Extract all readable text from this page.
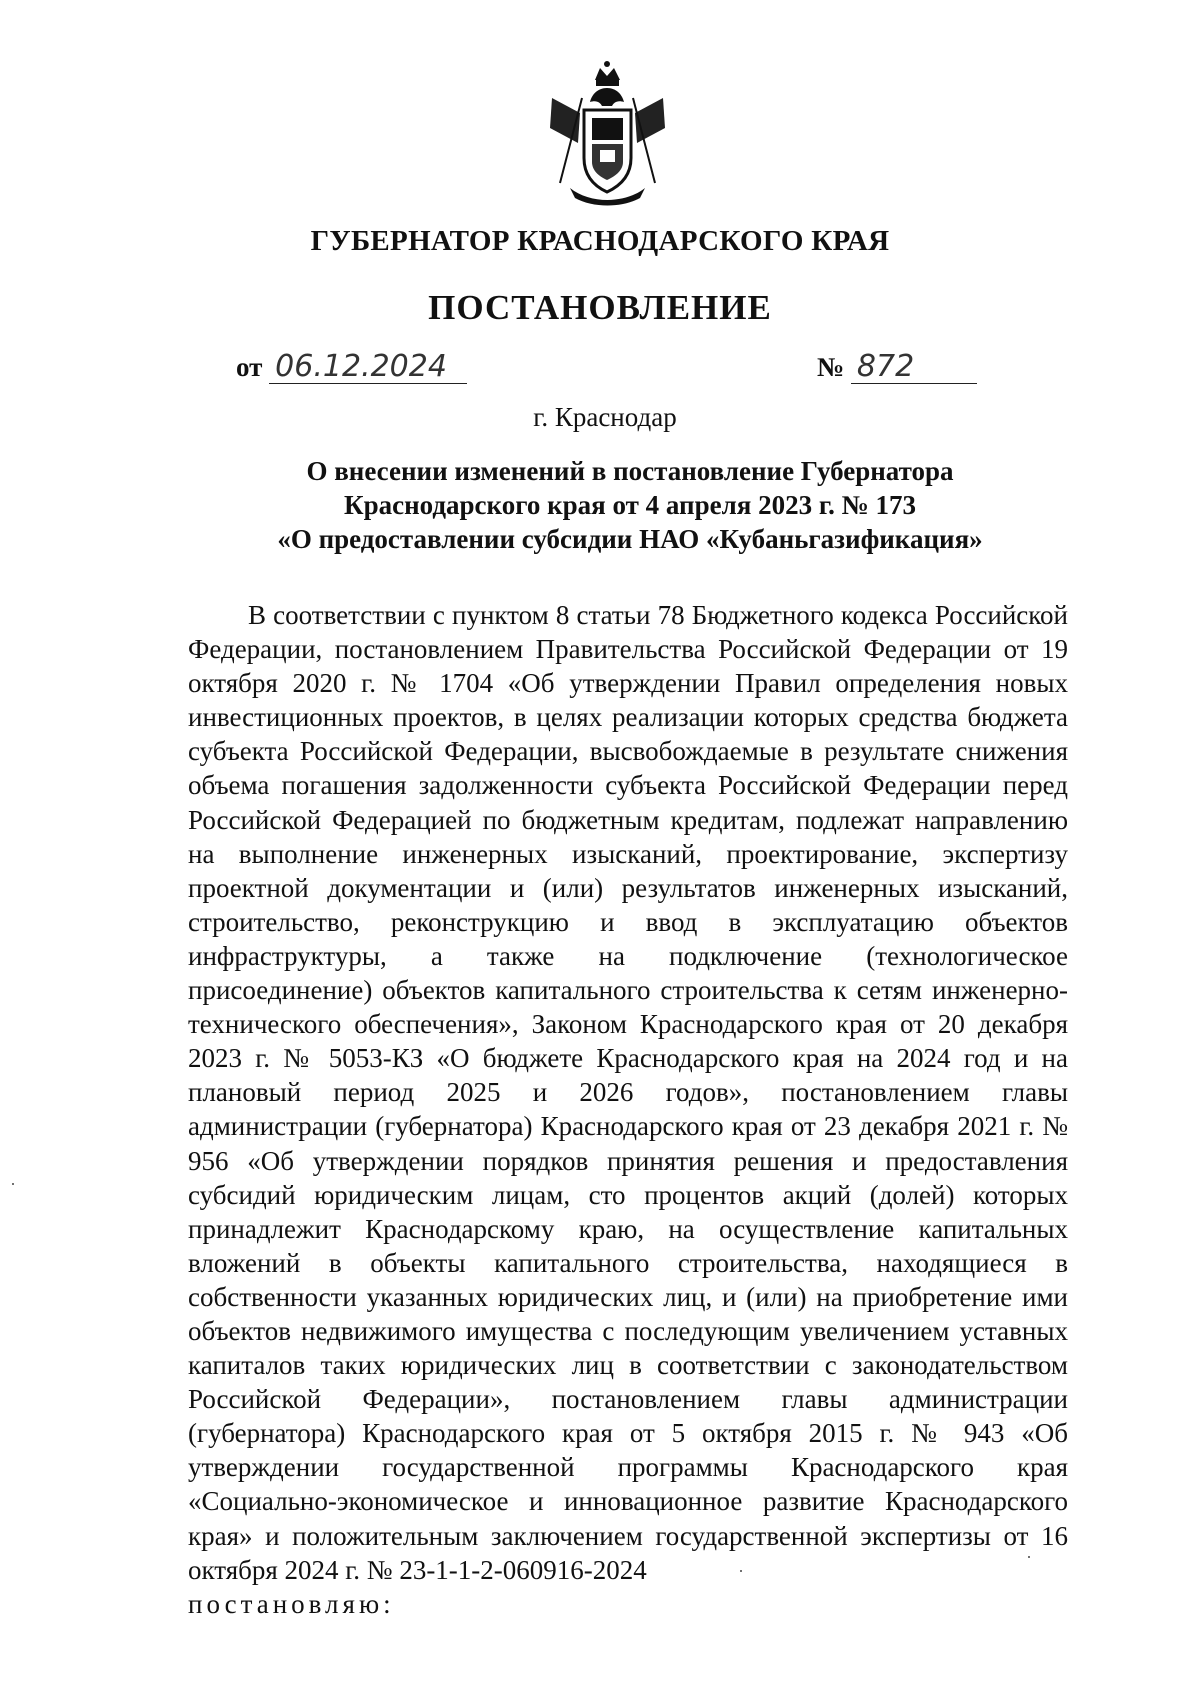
ГУБЕРНАТОР КРАСНОДАРСКОГО КРАЯ
ПОСТАНОВЛЕНИЕ
от 06.12.2024	№ 872
г. Краснодар
О внесении изменений в постановление Губернатора
Краснодарского края от 4 апреля 2023 г. № 173
«О предоставлении субсидии НАО «Кубаньгазификация»

В соответствии с пунктом 8 статьи 78 Бюджетного кодекса Российской Федерации, постановлением Правительства Российской Федерации от 19 октября 2020 г. № 1704 «Об утверждении Правил определения новых инвестиционных проектов, в целях реализации которых средства бюджета субъекта Российской Федерации, высвобождаемые в результате снижения объема погашения задолженности субъекта Российской Федерации перед Российской Федерацией по бюджетным кредитам, подлежат направлению на выполнение инженерных изысканий, проектирование, экспертизу проектной документации и (или) результатов инженерных изысканий, строительство, реконструкцию и ввод в эксплуатацию объектов инфраструктуры, а также на подключение (технологическое присоединение) объектов капитального строительства к сетям инженерно-технического обеспечения», Законом Краснодарского края от 20 декабря 2023 г. № 5053-КЗ «О бюджете Краснодарского края на 2024 год и на плановый период 2025 и 2026 годов», постановлением главы администрации (губернатора) Краснодарского края от 23 декабря 2021 г. № 956 «Об утверждении порядков принятия решения и предоставления субсидий юридическим лицам, сто процентов акций (долей) которых принадлежит Краснодарскому краю, на осуществление капитальных вложений в объекты капитального строительства, находящиеся в собственности указанных юридических лиц, и (или) на приобретение ими объектов недвижимого имущества с последующим увеличением уставных капиталов таких юридических лиц в соответствии с законодательством Российской Федерации», постановлением главы администрации (губернатора) Краснодарского края от 5 октября 2015 г. № 943 «Об утверждении государственной программы Краснодарского края «Социально-экономическое и инновационное развитие Краснодарского края» и положительным заключением государственной экспертизы от 16 октября 2024 г. № 23-1-1-2-060916-2024

постановляю:
